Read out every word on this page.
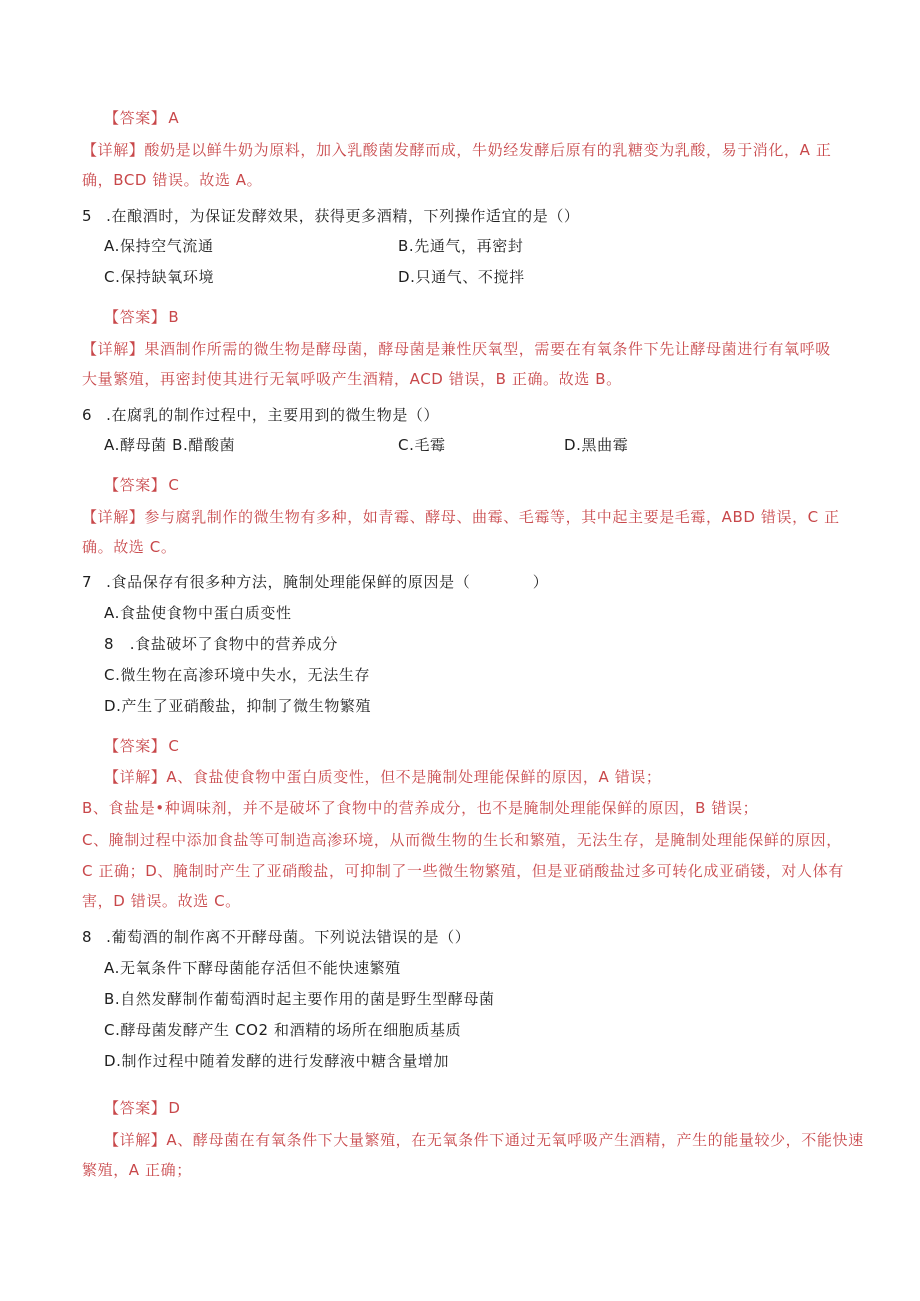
【答案】 A
【详解】酸奶是以鲜牛奶为原料，加入乳酸菌发酵而成，牛奶经发酵后原有的乳糖变为乳酸，易于消化，A 正
确，BCD 错误。故选 A。
5 .在酿酒时，为保证发酵效果，获得更多酒精，下列操作适宜的是（）
A.保持空气流通	B.先通气，再密封
C.保持缺氧环境	D.只通气、不搅拌
【答案】 B
【详解】果酒制作所需的微生物是酵母菌，酵母菌是兼性厌氧型，需要在有氧条件下先让酵母菌进行有氧呼吸
大量繁殖，再密封使其进行无氧呼吸产生酒精，ACD 错误，B 正确。故选 B。
6 .在腐乳的制作过程中，主要用到的微生物是（）
A.酵母菌 B.醋酸菌	C.毛霉	D.黑曲霉
【答案】 C
【详解】参与腐乳制作的微生物有多种，如青霉、酵母、曲霉、毛霉等，其中起主要是毛霉，ABD 错误，C 正
确。故选 C。
7 .食品保存有很多种方法，腌制处理能保鲜的原因是（　　　　）
A.食盐使食物中蛋白质变性
8　.食盐破坏了食物中的营养成分
C.微生物在高渗环境中失水，无法生存
D.产生了亚硝酸盐，抑制了微生物繁殖
【答案】 C
【详解】A、食盐使食物中蛋白质变性，但不是腌制处理能保鲜的原因，A 错误；
B、食盐是•种调味剂，并不是破坏了食物中的营养成分，也不是腌制处理能保鲜的原因，B 错误；
C、腌制过程中添加食盐等可制造高渗环境，从而微生物的生长和繁殖，无法生存，是腌制处理能保鲜的原因，
C 正确；D、腌制时产生了亚硝酸盐，可抑制了一些微生物繁殖，但是亚硝酸盐过多可转化成亚硝镂，对人体有
害，D 错误。故选 C。
8 .葡萄酒的制作离不开酵母菌。下列说法错误的是（）
A.无氧条件下酵母菌能存活但不能快速繁殖
B.自然发酵制作葡萄酒时起主要作用的菌是野生型酵母菌
C.酵母菌发酵产生 CO2 和酒精的场所在细胞质基质
D.制作过程中随着发酵的进行发酵液中糖含量增加
【答案】 D
【详解】A、酵母菌在有氧条件下大量繁殖，在无氧条件下通过无氧呼吸产生酒精，产生的能量较少，不能快速
繁殖，A 正确；
